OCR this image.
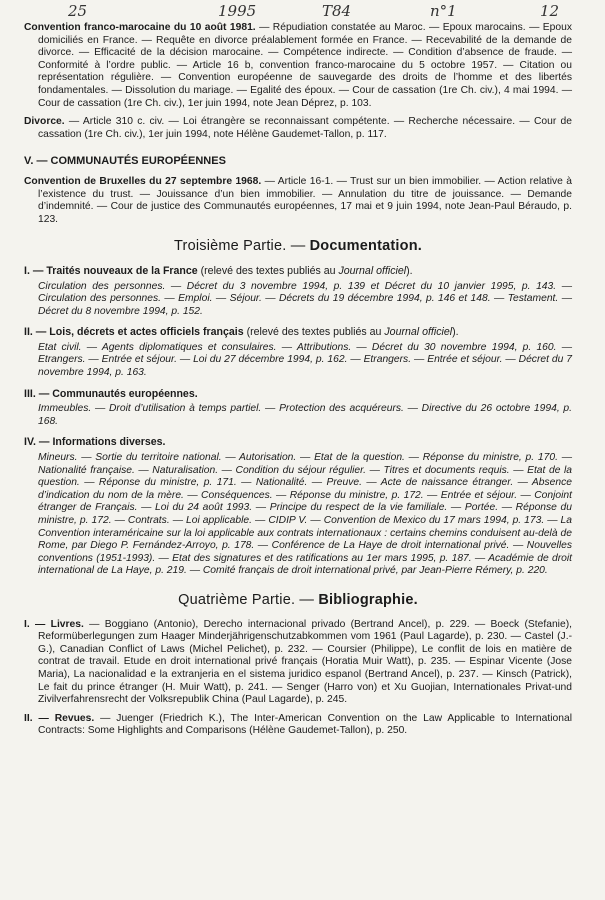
25	1995	T84	n°1	12

Convention franco-marocaine du 10 août 1981. — Répudiation constatée au Maroc. — Epoux marocains. — Epoux domiciliés en France. — Requête en divorce préalablement formée en France. — Recevabilité de la demande de divorce. — Efficacité de la décision marocaine. — Compétence indirecte. — Condition d’absence de fraude. — Conformité à l’ordre public. — Article 16 b, convention franco-marocaine du 5 octobre 1957. — Citation ou représentation régulière. — Convention européenne de sauvegarde des droits de l’homme et des libertés fondamentales. — Dissolution du mariage. — Egalité des époux. — Cour de cassation (1re Ch. civ.), 4 mai 1994. — Cour de cassation (1re Ch. civ.), 1er juin 1994, note Jean Déprez, p. 103.

Divorce. — Article 310 c. civ. — Loi étrangère se reconnaissant compétente. — Recherche nécessaire. — Cour de cassation (1re Ch. civ.), 1er juin 1994, note Hélène Gaudemet-Tallon, p. 117.

V. — COMMUNAUTÉS EUROPÉENNES

Convention de Bruxelles du 27 septembre 1968. — Article 16-1. — Trust sur un bien immobilier. — Action relative à l’existence du trust. — Jouissance d’un bien immobilier. — Annulation du titre de jouissance. — Demande d’indemnité. — Cour de justice des Communautés européennes, 17 mai et 9 juin 1994, note Jean-Paul Béraudo, p. 123.

Troisième Partie. — Documentation.
I. — Traités nouveaux de la France (relevé des textes publiés au Journal officiel).

Circulation des personnes. — Décret du 3 novembre 1994, p. 139 et Décret du 10 janvier 1995, p. 143. — Circulation des personnes. — Emploi. — Séjour. — Décrets du 19 décembre 1994, p. 146 et 148. — Testament. — Décret du 8 novembre 1994, p. 152.

II. — Lois, décrets et actes officiels français (relevé des textes publiés au Journal officiel).

Etat civil. — Agents diplomatiques et consulaires. — Attributions. — Décret du 30 novembre 1994, p. 160. — Etrangers. — Entrée et séjour. — Loi du 27 décembre 1994, p. 162. — Etrangers. — Entrée et séjour. — Décret du 7 novembre 1994, p. 163.

III. — Communautés européennes.

Immeubles. — Droit d’utilisation à temps partiel. — Protection des acquéreurs. — Directive du 26 octobre 1994, p. 168.

IV. — Informations diverses.

Mineurs. — Sortie du territoire national. — Autorisation. — Etat de la question. — Réponse du ministre, p. 170. — Nationalité française. — Naturalisation. — Condition du séjour régulier. — Titres et documents requis. — Etat de la question. — Réponse du ministre, p. 171. — Nationalité. — Preuve. — Acte de naissance étranger. — Absence d’indication du nom de la mère. — Conséquences. — Réponse du ministre, p. 172. — Entrée et séjour. — Conjoint étranger de Français. — Loi du 24 août 1993. — Principe du respect de la vie familiale. — Portée. — Réponse du ministre, p. 172. — Contrats. — Loi applicable. — CIDIP V. — Convention de Mexico du 17 mars 1994, p. 173. — La Convention interaméricaine sur la loi applicable aux contrats internationaux : certains chemins conduisent au-delà de Rome, par Diego P. Fernández-Arroyo, p. 178. — Conférence de La Haye de droit international privé. — Nouvelles conventions (1951-1993). — Etat des signatures et des ratifications au 1er mars 1995, p. 187. — Académie de droit international de La Haye, p. 219. — Comité français de droit international privé, par Jean-Pierre Rémery, p. 220.

Quatrième Partie. — Bibliographie.

I. — Livres. — Boggiano (Antonio), Derecho internacional privado (Bertrand Ancel), p. 229. — Boeck (Stefanie), Reformüberlegungen zum Haager Minderjährigenschutzabkommen vom 1961 (Paul Lagarde), p. 230. — Castel (J.-G.), Canadian Conflict of Laws (Michel Pelichet), p. 232. — Coursier (Philippe), Le conflit de lois en matière de contrat de travail. Etude en droit international privé français (Horatia Muir Watt), p. 235. — Espinar Vicente (Jose Maria), La nacionalidad e la extranjeria en el sistema juridico espanol (Bertrand Ancel), p. 237. — Kinsch (Patrick), Le fait du prince étranger (H. Muir Watt), p. 241. — Senger (Harro von) et Xu Guojian, Internationales Privat-und Zivilverfahrensrecht der Volksrepublik China (Paul Lagarde), p. 245.

II. — Revues. — Juenger (Friedrich K.), The Inter-American Convention on the Law Applicable to International Contracts: Some Highlights and Comparisons (Hélène Gaudemet-Tallon), p. 250.
